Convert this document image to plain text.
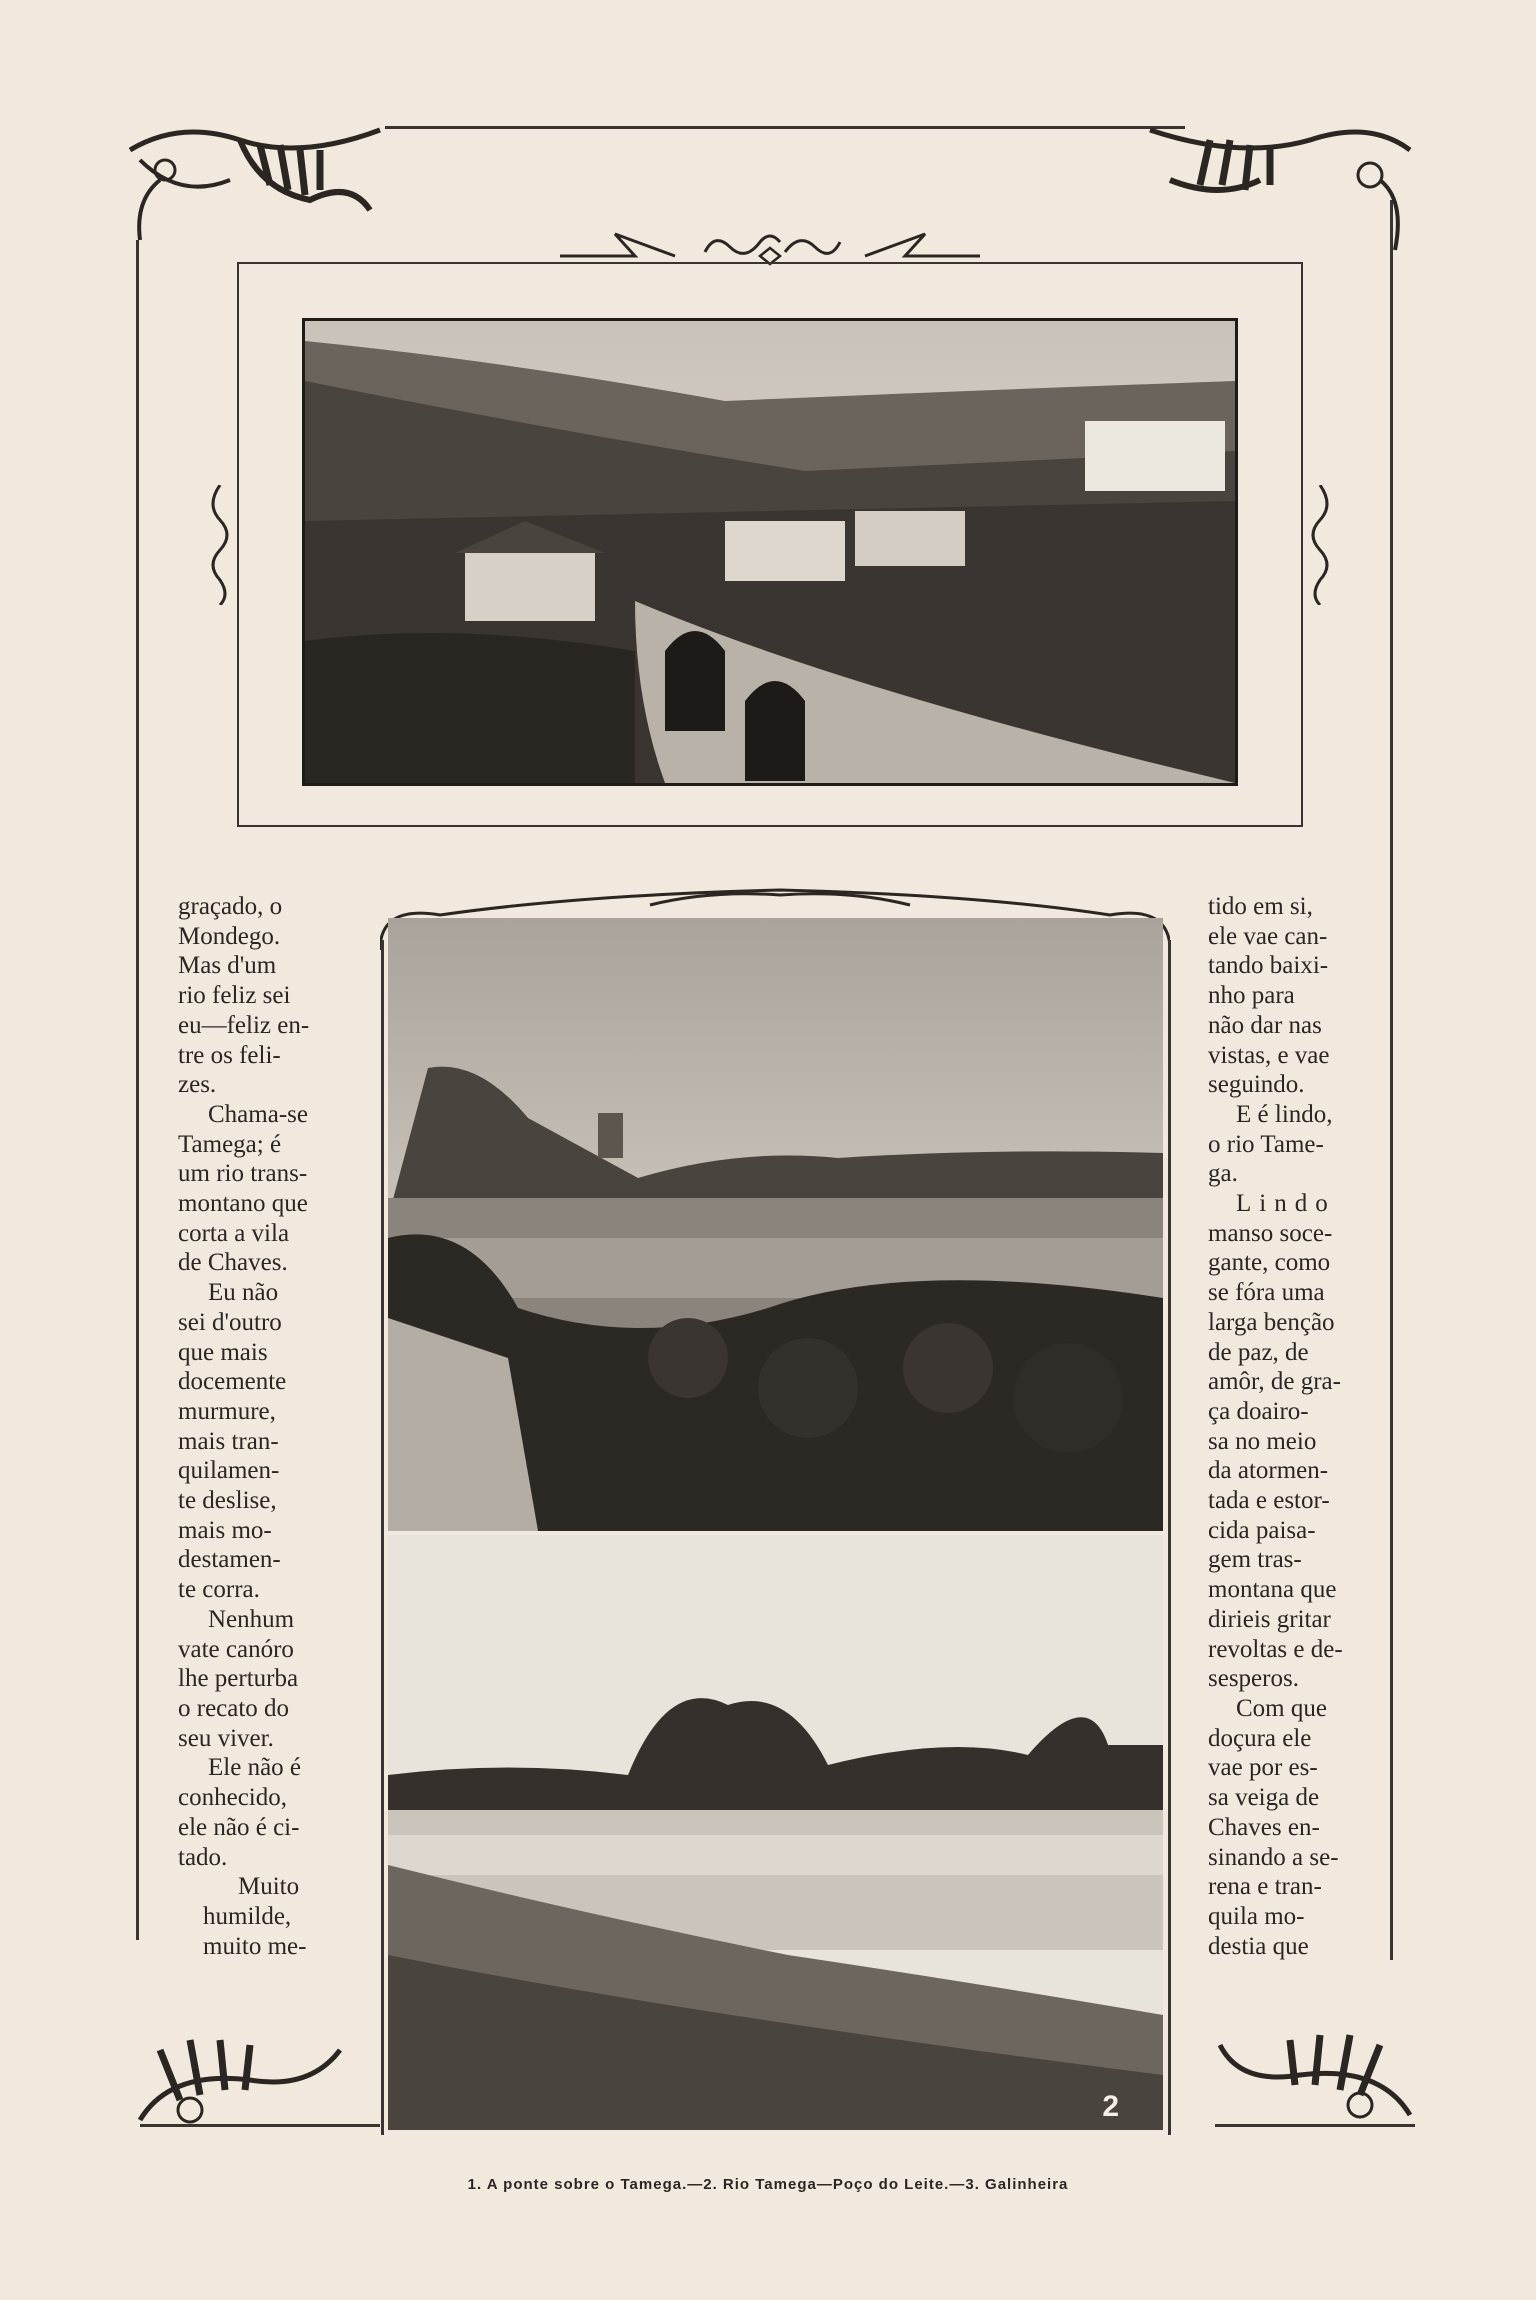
2
graçado, o
Mondego.
Mas d'um
rio feliz sei
eu—feliz en-
tre os feli-
zes.
Chama-se
Tamega; é
um rio trans-
montano que
corta a vila
de Chaves.
Eu não
sei d'outro
que mais
docemente
murmure,
mais tran-
quilamen-
te deslise,
mais mo-
destamen-
te corra.
Nenhum
vate canóro
lhe perturba
o recato do
seu viver.
Ele não é
conhecido,
ele não é ci-
tado.
Muito
humilde,
muito me-
tido em si,
ele vae can-
tando baixi-
nho para
não dar nas
vistas, e vae
seguindo.
E é lindo,
o rio Tame-
ga.
Lindo
manso soce-
gante, como
se fóra uma
larga benção
de paz, de
amôr, de gra-
ça doairo-
sa no meio
da atormen-
tada e estor-
cida paisa-
gem tras-
montana que
dirieis gritar
revoltas e de-
sesperos.
Com que
doçura ele
vae por es-
sa veiga de
Chaves en-
sinando a se-
rena e tran-
quila mo-
destia que
1. A ponte sobre o Tamega.—2. Rio Tamega—Poço do Leite.—3. Galinheira
